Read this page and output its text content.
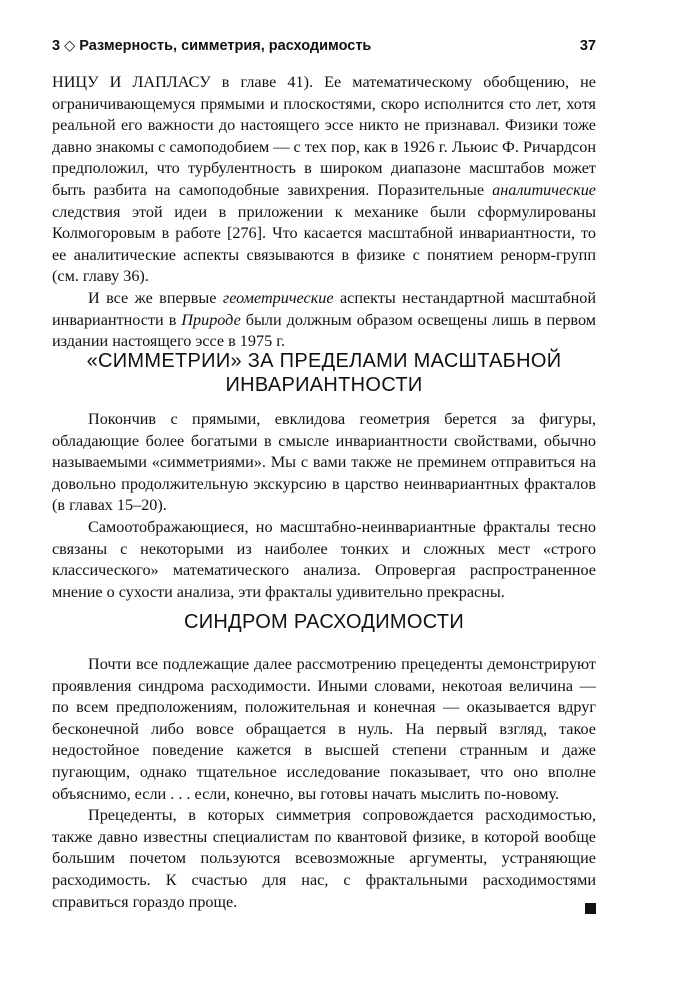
3 ◇ Размерность, симметрия, расходимость	37

НИЦУ И ЛАПЛАСУ в главе 41). Ее математическому обобщению, не ограничивающемуся прямыми и плоскостями, скоро исполнится сто лет, хотя реальной его важности до настоящего эссе никто не признавал. Физики тоже давно знакомы с самоподобием — с тех пор, как в 1926 г. Льюис Ф. Ричардсон предположил, что турбулентность в широком диапазоне масштабов может быть разбита на самоподобные завихрения. Поразительные аналитические следствия этой идеи в приложении к механике были сформулированы Колмогоровым в работе [276]. Что касается масштабной инвариантности, то ее аналитические аспекты связываются в физике с понятием ренорм-групп (см. главу 36).

И все же впервые геометрические аспекты нестандартной масштабной инвариантности в Природе были должным образом освещены лишь в первом издании настоящего эссе в 1975 г.

«СИММЕТРИИ» ЗА ПРЕДЕЛАМИ МАСШТАБНОЙ
ИНВАРИАНТНОСТИ

Покончив с прямыми, евклидова геометрия берется за фигуры, обладающие более богатыми в смысле инвариантности свойствами, обычно называемыми «симметриями». Мы с вами также не преминем отправиться на довольно продолжительную экскурсию в царство неинвариантных фракталов (в главах 15–20).

Самоотображающиеся, но масштабно-неинвариантные фракталы тесно связаны с некоторыми из наиболее тонких и сложных мест «строго классического» математического анализа. Опровергая распространенное мнение о сухости анализа, эти фракталы удивительно прекрасны.

СИНДРОМ РАСХОДИМОСТИ

Почти все подлежащие далее рассмотрению прецеденты демонстрируют проявления синдрома расходимости. Иными словами, некотоая величина — по всем предположениям, положительная и конечная — оказывается вдруг бесконечной либо вовсе обращается в нуль. На первый взгляд, такое недостойное поведение кажется в высшей степени странным и даже пугающим, однако тщательное исследование показывает, что оно вполне объяснимо, если . . . если, конечно, вы готовы начать мыслить по-новому.

Прецеденты, в которых симметрия сопровождается расходимостью, также давно известны специалистам по квантовой физике, в которой вообще большим почетом пользуются всевозможные аргументы, устраняющие расходимость. К счастью для нас, с фрактальными расходимостями справиться гораздо проще.
